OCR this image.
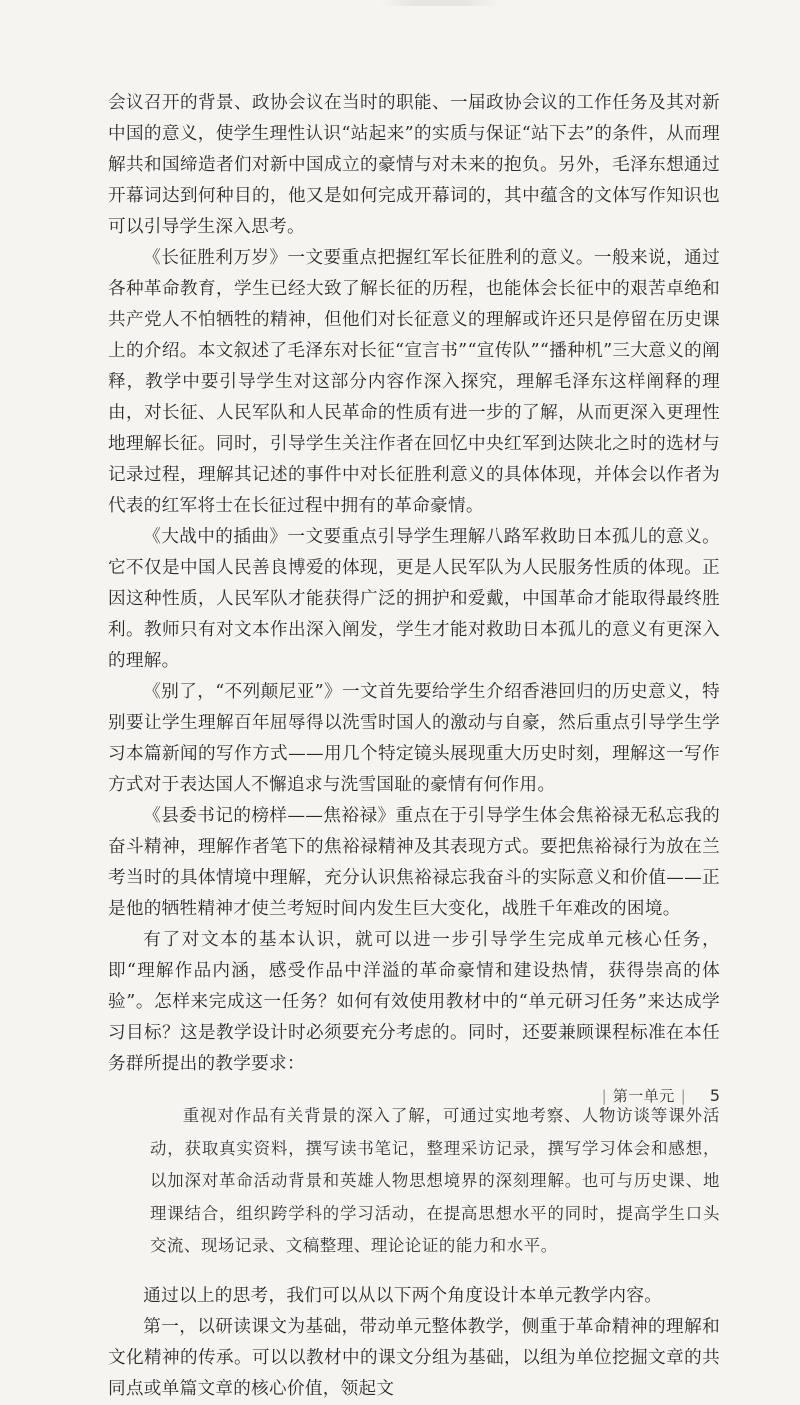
会议召开的背景、政协会议在当时的职能、一届政协会议的工作任务及其对新中国的意义，使学生理性认识“站起来”的实质与保证“站下去”的条件，从而理解共和国缔造者们对新中国成立的豪情与对未来的抱负。另外，毛泽东想通过开幕词达到何种目的，他又是如何完成开幕词的，其中蕴含的文体写作知识也可以引导学生深入思考。

《长征胜利万岁》一文要重点把握红军长征胜利的意义。一般来说，通过各种革命教育，学生已经大致了解长征的历程，也能体会长征中的艰苦卓绝和共产党人不怕牺牲的精神，但他们对长征意义的理解或许还只是停留在历史课上的介绍。本文叙述了毛泽东对长征“宣言书”“宣传队”“播种机”三大意义的阐释，教学中要引导学生对这部分内容作深入探究，理解毛泽东这样阐释的理由，对长征、人民军队和人民革命的性质有进一步的了解，从而更深入更理性地理解长征。同时，引导学生关注作者在回忆中央红军到达陕北之时的选材与记录过程，理解其记述的事件中对长征胜利意义的具体体现，并体会以作者为代表的红军将士在长征过程中拥有的革命豪情。

《大战中的插曲》一文要重点引导学生理解八路军救助日本孤儿的意义。它不仅是中国人民善良博爱的体现，更是人民军队为人民服务性质的体现。正因这种性质，人民军队才能获得广泛的拥护和爱戴，中国革命才能取得最终胜利。教师只有对文本作出深入阐发，学生才能对救助日本孤儿的意义有更深入的理解。

《别了，“不列颠尼亚”》一文首先要给学生介绍香港回归的历史意义，特别要让学生理解百年屈辱得以洗雪时国人的激动与自豪，然后重点引导学生学习本篇新闻的写作方式——用几个特定镜头展现重大历史时刻，理解这一写作方式对于表达国人不懈追求与洗雪国耻的豪情有何作用。

《县委书记的榜样——焦裕禄》重点在于引导学生体会焦裕禄无私忘我的奋斗精神，理解作者笔下的焦裕禄精神及其表现方式。要把焦裕禄行为放在兰考当时的具体情境中理解，充分认识焦裕禄忘我奋斗的实际意义和价值——正是他的牺牲精神才使兰考短时间内发生巨大变化，战胜千年难改的困境。

有了对文本的基本认识，就可以进一步引导学生完成单元核心任务，即“理解作品内涵，感受作品中洋溢的革命豪情和建设热情，获得崇高的体验”。怎样来完成这一任务？如何有效使用教材中的“单元研习任务”来达成学习目标？这是教学设计时必须要充分考虑的。同时，还要兼顾课程标准在本任务群所提出的教学要求：

重视对作品有关背景的深入了解，可通过实地考察、人物访谈等课外活动，获取真实资料，撰写读书笔记，整理采访记录，撰写学习体会和感想，以加深对革命活动背景和英雄人物思想境界的深刻理解。也可与历史课、地理课结合，组织跨学科的学习活动，在提高思想水平的同时，提高学生口头交流、现场记录、文稿整理、理论论证的能力和水平。

通过以上的思考，我们可以从以下两个角度设计本单元教学内容。

第一，以研读课文为基础，带动单元整体教学，侧重于革命精神的理解和文化精神的传承。可以以教材中的课文分组为基础，以组为单位挖掘文章的共同点或单篇文章的核心价值，领起文

| 第一单元 | 5
